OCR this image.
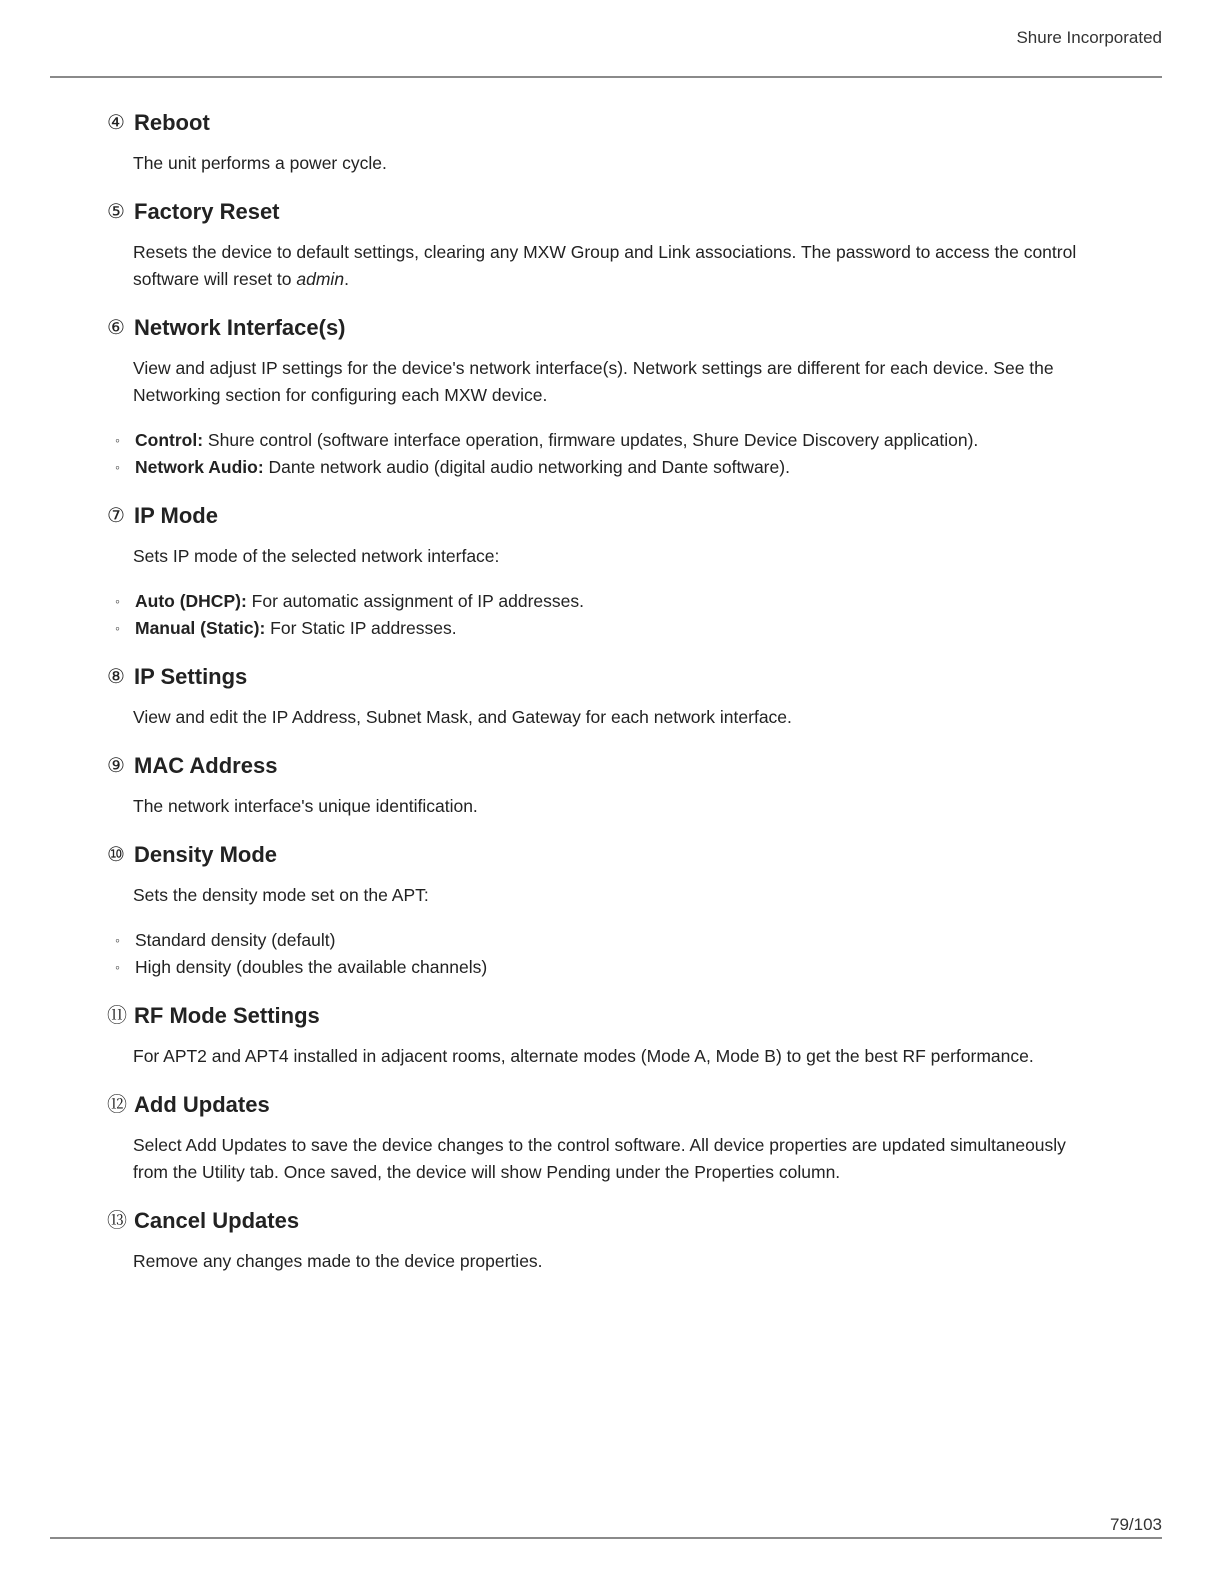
Shure Incorporated
④ Reboot

The unit performs a power cycle.

⑤ Factory Reset

Resets the device to default settings, clearing any MXW Group and Link associations. The password to access the control software will reset to admin.

⑥ Network Interface(s)

View and adjust IP settings for the device's network interface(s). Network settings are different for each device. See the Networking section for configuring each MXW device.

◦ Control: Shure control (software interface operation, firmware updates, Shure Device Discovery application).
◦ Network Audio: Dante network audio (digital audio networking and Dante software).
⑦ IP Mode

Sets IP mode of the selected network interface:

◦ Auto (DHCP): For automatic assignment of IP addresses.
◦ Manual (Static): For Static IP addresses.
⑧ IP Settings

View and edit the IP Address, Subnet Mask, and Gateway for each network interface.

⑨ MAC Address

The network interface's unique identification.

⑩ Density Mode

Sets the density mode set on the APT:

◦ Standard density (default)
◦ High density (doubles the available channels)
⑪ RF Mode Settings

For APT2 and APT4 installed in adjacent rooms, alternate modes (Mode A, Mode B) to get the best RF performance.

⑫ Add Updates

Select Add Updates to save the device changes to the control software. All device properties are updated simultaneously from the Utility tab. Once saved, the device will show Pending under the Properties column.

⑬ Cancel Updates

Remove any changes made to the device properties.

79/103
